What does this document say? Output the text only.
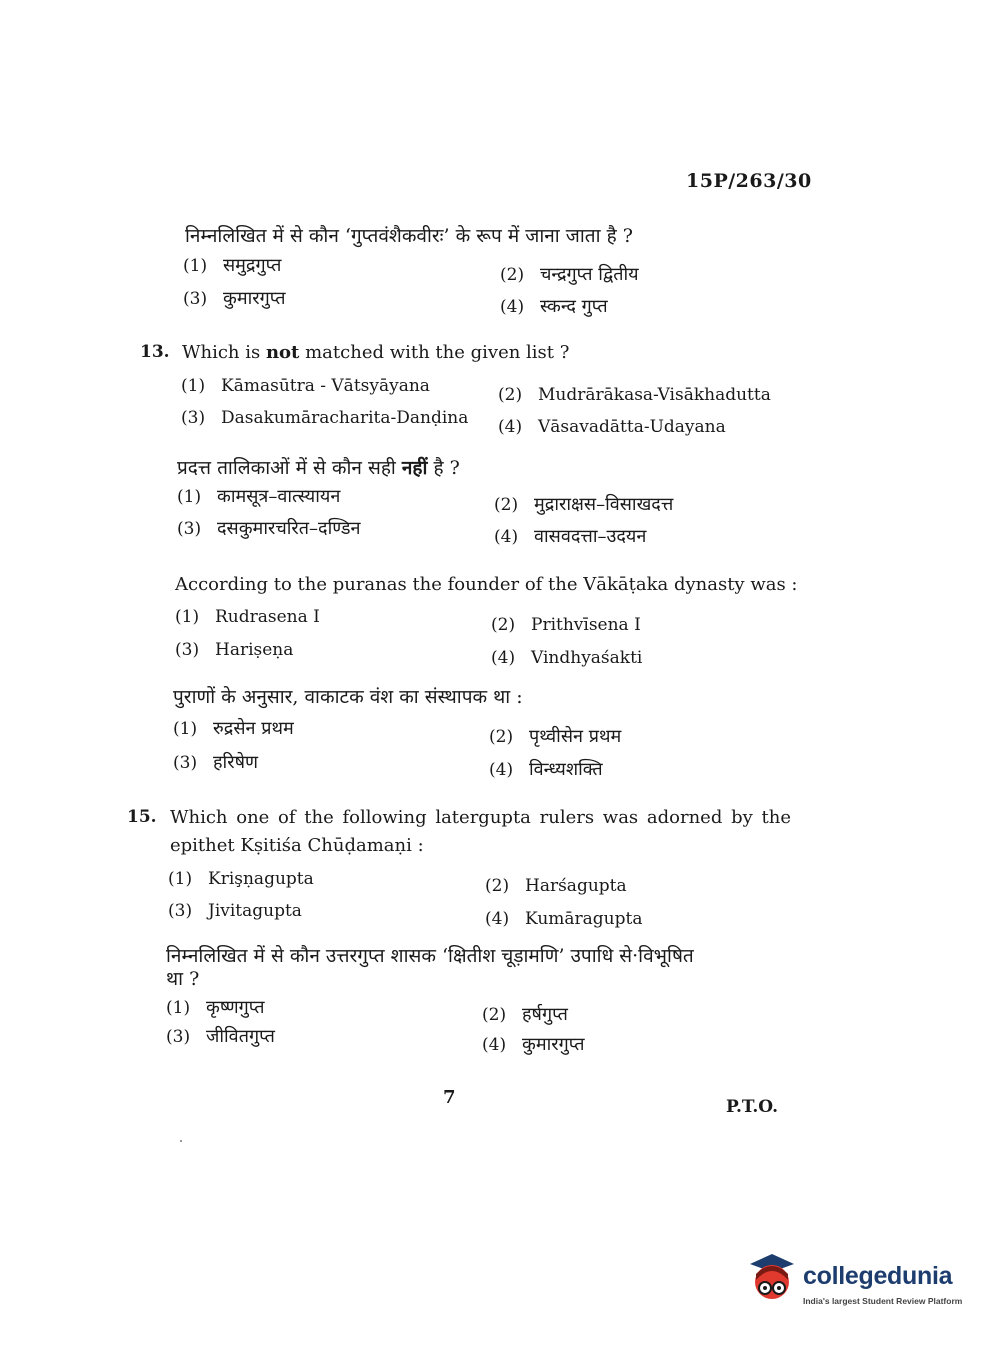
15P/263/30
निम्नलिखित में से कौन ‘गुप्तवंशैकवीरः’ के रूप में जाना जाता है ?
(1) समुद्रगुप्त	(2) चन्द्रगुप्त द्वितीय
(3) कुमारगुप्त	(4) स्कन्द गुप्त
13. Which is not matched with the given list ?
(1) Kāmasūtra - Vātsyāyana	(2) Mudrārākasa-Visākhadutta
(3) Dasakumāracharita-Danḍina (4) Vāsavadātta-Udayana
प्रदत्त तालिकाओं में से कौन सही नहीं है ?
(1) कामसूत्र–वात्स्यायन	(2) मुद्राराक्षस–विसाखदत्त
(3) दसकुमारचरित–दण्डिन	(4) वासवदत्ता–उदयन
According to the puranas the founder of the Vākāṭaka dynasty was :
(1) Rudrasena I	(2) Prithvīsena I
(3) Hariṣeṇa	(4) Vindhyaśakti
पुराणों के अनुसार, वाकाटक वंश का संस्थापक था :
(1) रुद्रसेन प्रथम	(2) पृथ्वीसेन प्रथम
(3) हरिषेण	(4) विन्ध्यशक्ति
15. Which one of the following latergupta rulers was adorned by the
epithet Kṣitiśa Chūḍamaṇi :
(1) Krişṇagupta	(2) Harśagupta
(3) Jivitagupta	(4) Kumāragupta
निम्नलिखित में से कौन उत्तरगुप्त शासक ‘क्षितीश चूड़ामणि’ उपाधि से·विभूषित
था ?
(1) कृष्णगुप्त	(2) हर्षगुप्त
(3) जीवितगुप्त	(4) कुमारगुप्त
7	P.T.O.
collegedunia
India's largest Student Review Platform
